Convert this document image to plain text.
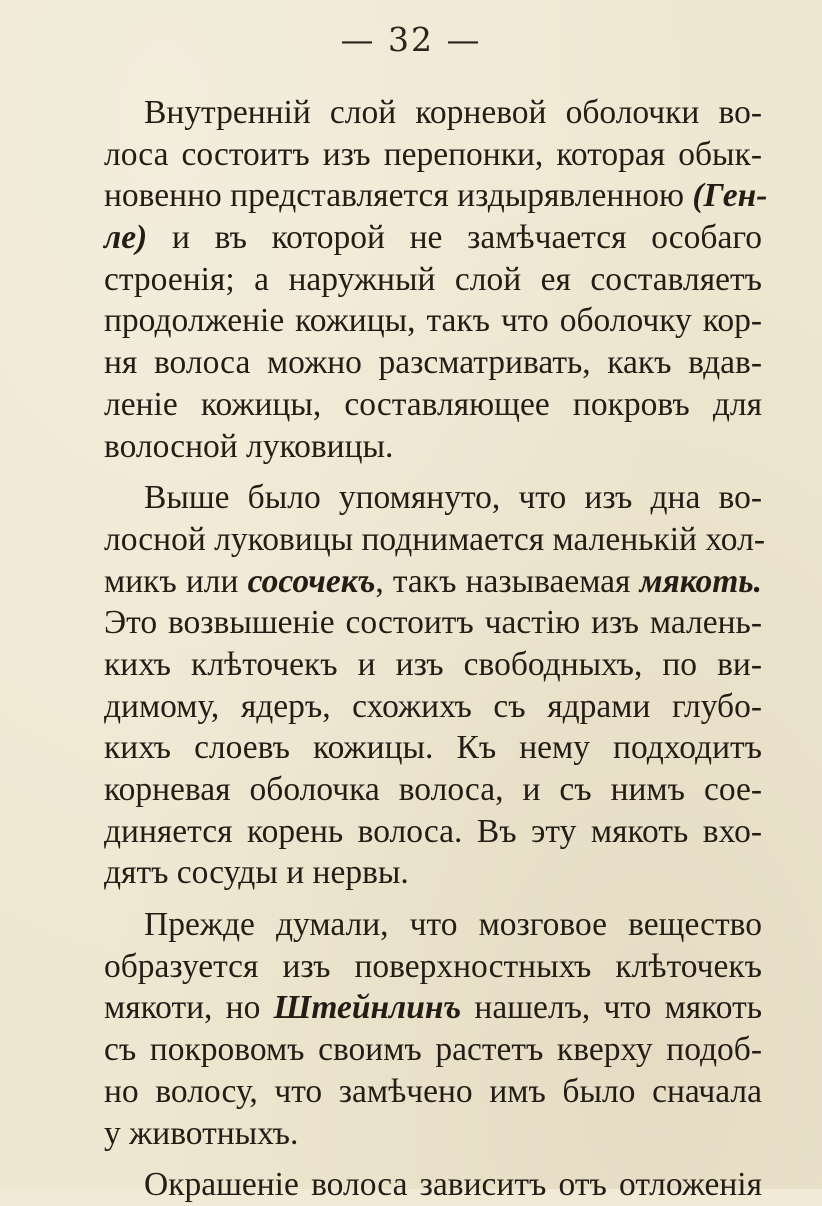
— 32 —
Внутренній слой корневой оболочки во-
лоса состоитъ изъ перепонки, которая обык-
новенно представляется издырявленною (Ген-
ле) и въ которой не замѣчается особаго
строенія; а наружный слой ея составляетъ
продолженіе кожицы, такъ что оболочку кор-
ня волоса можно разсматривать, какъ вдав-
леніе кожицы, составляющее покровъ для
волосной луковицы.
Выше было упомянуто, что изъ дна во-
лосной луковицы поднимается маленькій хол-
микъ или сосочекъ, такъ называемая мякоть.
Это возвышеніе состоитъ частію изъ малень-
кихъ клѣточекъ и изъ свободныхъ, по ви-
димому, ядеръ, схожихъ съ ядрами глубо-
кихъ слоевъ кожицы. Къ нему подходитъ
корневая оболочка волоса, и съ нимъ сое-
диняется корень волоса. Въ эту мякоть вхо-
дятъ сосуды и нервы.
Прежде думали, что мозговое вещество
образуется изъ поверхностныхъ клѣточекъ
мякоти, но Штейнлинъ нашелъ, что мякоть
съ покровомъ своимъ растетъ кверху подоб-
но волосу, что замѣчено имъ было сначала
у животныхъ.
Окрашеніе волоса зависитъ отъ отложенія
